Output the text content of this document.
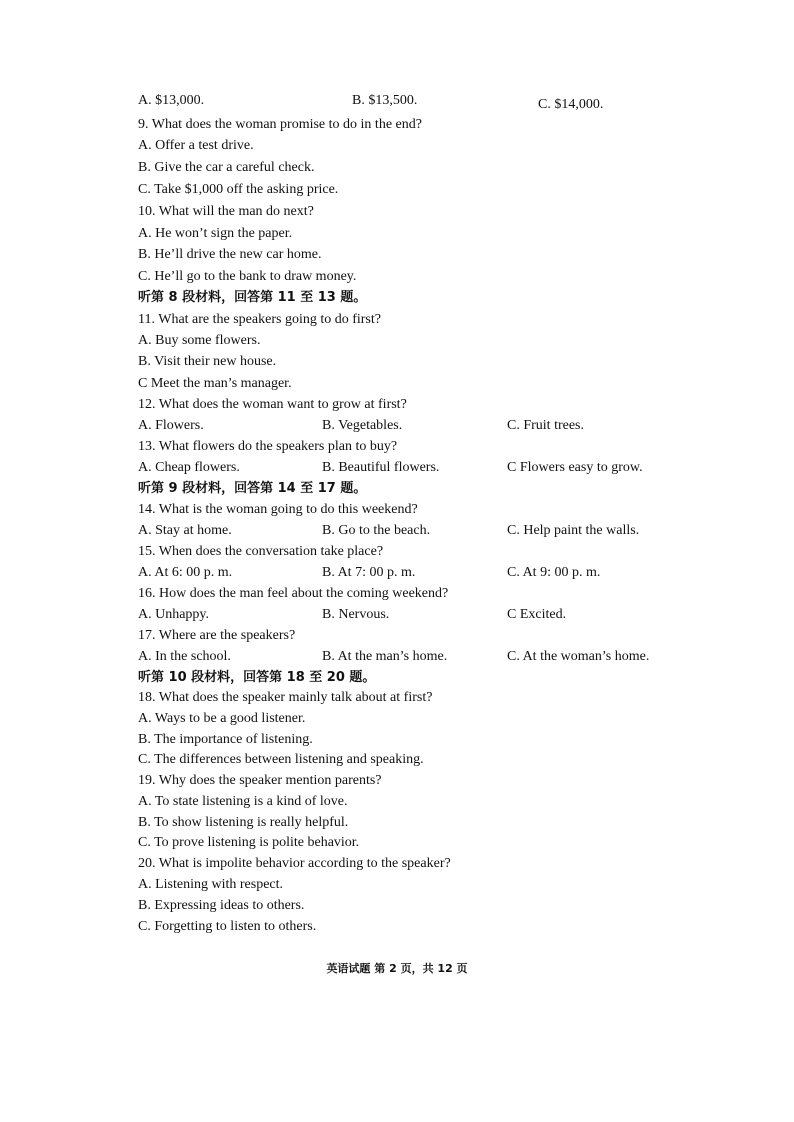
A. $13,000.	B. $13,500.	C. $14,000.
9. What does the woman promise to do in the end?
A. Offer a test drive.
B. Give the car a careful check.
C. Take $1,000 off the asking price.
10. What will the man do next?
A. He won’t sign the paper.
B. He’ll drive the new car home.
C. He’ll go to the bank to draw money.
听第 8 段材料，回答第 11 至 13 题。
11. What are the speakers going to do first?
A. Buy some flowers.
B. Visit their new house.
C Meet the man’s manager.
12. What does the woman want to grow at first?
A. Flowers.	B. Vegetables.	C. Fruit trees.
13. What flowers do the speakers plan to buy?
A. Cheap flowers.	B. Beautiful flowers.	C Flowers easy to grow.
听第 9 段材料，回答第 14 至 17 题。
14. What is the woman going to do this weekend?
A. Stay at home.	B. Go to the beach.	C. Help paint the walls.
15. When does the conversation take place?
A. At 6: 00 p. m.	B. At 7: 00 p. m.	C. At 9: 00 p. m.
16. How does the man feel about the coming weekend?
A. Unhappy.	B. Nervous.	C Excited.
17. Where are the speakers?
A. In the school.	B. At the man’s home.	C. At the woman’s home.
听第 10 段材料，回答第 18 至 20 题。
18. What does the speaker mainly talk about at first?
A. Ways to be a good listener.
B. The importance of listening.
C. The differences between listening and speaking.
19. Why does the speaker mention parents?
A. To state listening is a kind of love.
B. To show listening is really helpful.
C. To prove listening is polite behavior.
20. What is impolite behavior according to the speaker?
A. Listening with respect.
B. Expressing ideas to others.
C. Forgetting to listen to others.
英语试题 第 2 页，共 12 页
